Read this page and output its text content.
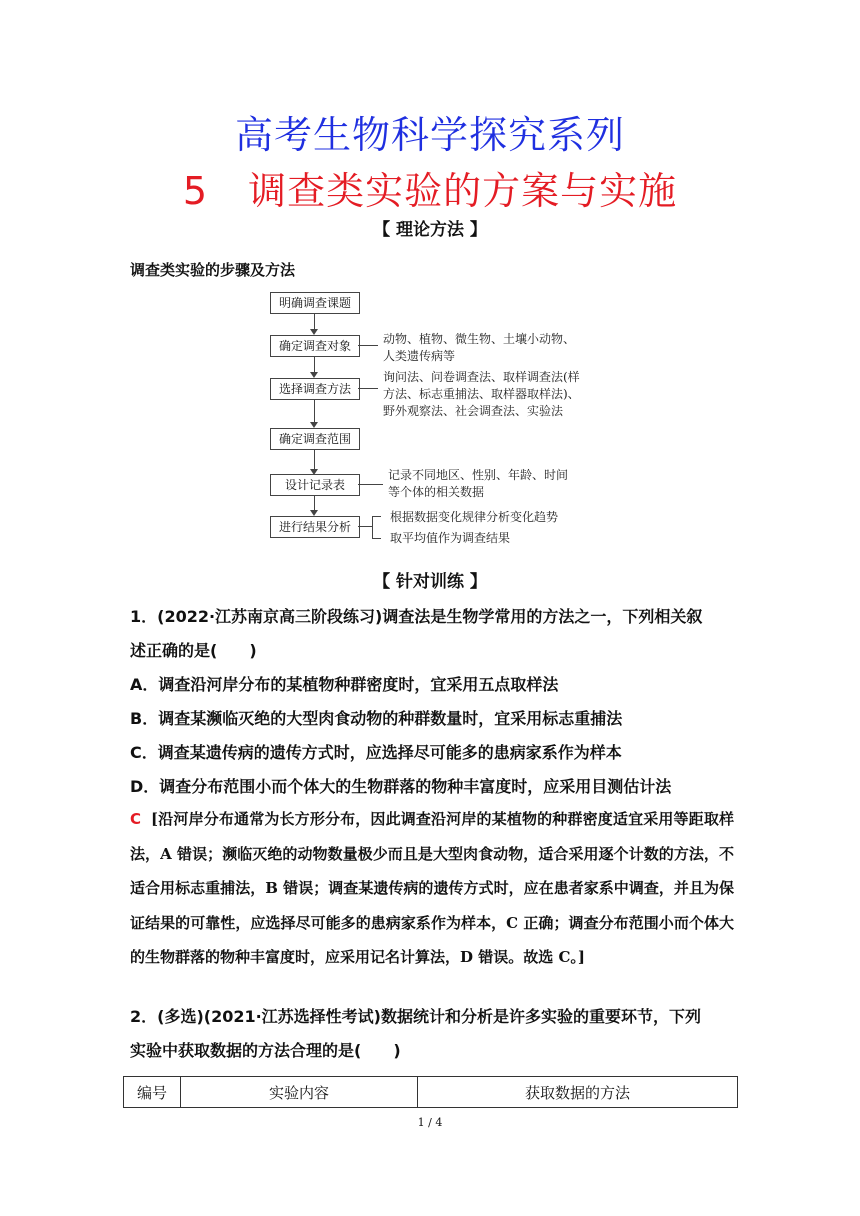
高考生物科学探究系列
5 调查类实验的方案与实施
【 理论方法 】
调查类实验的步骤及方法
明确调查课题
确定调查对象
选择调查方法
确定调查范围
设计记录表
进行结果分析
动物、植物、微生物、土壤小动物、
人类遗传病等
询问法、问卷调查法、取样调查法(样
方法、标志重捕法、取样器取样法)、
野外观察法、社会调查法、实验法
记录不同地区、性别、年龄、时间
等个体的相关数据
根据数据变化规律分析变化趋势
取平均值作为调查结果
【 针对训练 】
1．(2022·江苏南京高三阶段练习)调查法是生物学常用的方法之一，下列相关叙
述正确的是(　　)
A．调查沿河岸分布的某植物种群密度时，宜采用五点取样法
B．调查某濒临灭绝的大型肉食动物的种群数量时，宜采用标志重捕法
C．调查某遗传病的遗传方式时，应选择尽可能多的患病家系作为样本
D．调查分布范围小而个体大的生物群落的物种丰富度时，应采用目测估计法
C [沿河岸分布通常为长方形分布，因此调查沿河岸的某植物的种群密度适宜采用等距取样法，A 错误；濒临灭绝的动物数量极少而且是大型肉食动物，适合采用逐个计数的方法，不适合用标志重捕法，B 错误；调查某遗传病的遗传方式时，应在患者家系中调查，并且为保证结果的可靠性，应选择尽可能多的患病家系作为样本，C 正确；调查分布范围小而个体大的生物群落的物种丰富度时，应采用记名计算法，D 错误。故选 C。]
2．(多选)(2021·江苏选择性考试)数据统计和分析是许多实验的重要环节，下列
实验中获取数据的方法合理的是(　　)
编号	实验内容	获取数据的方法
1 / 4
